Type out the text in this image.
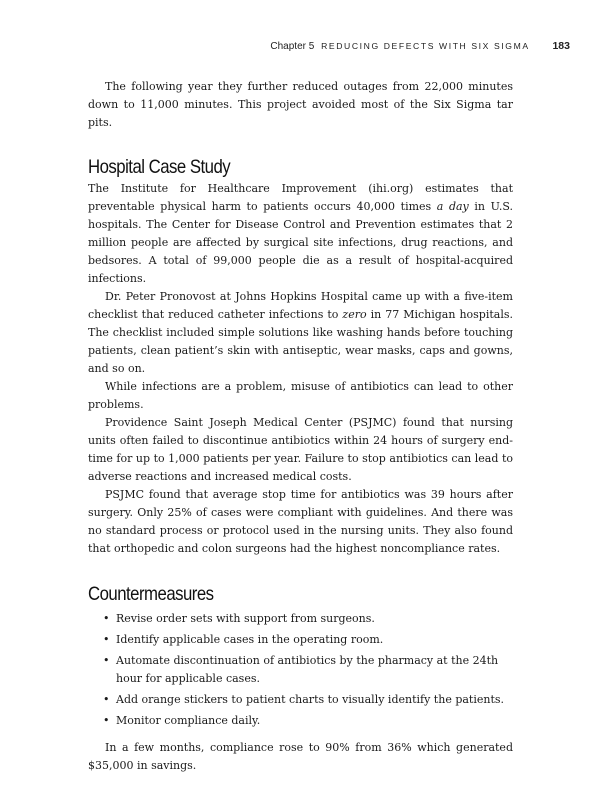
Chapter 5 REDUCING DEFECTS WITH SIX SIGMA 183

The following year they further reduced outages from 22,000 minutes down to 11,000 minutes. This project avoided most of the Six Sigma tar pits.

Hospital Case Study

The Institute for Healthcare Improvement (ihi.org) estimates that preventable physical harm to patients occurs 40,000 times a day in U.S. hospitals. The Center for Disease Control and Prevention estimates that 2 million people are affected by surgical site infections, drug reactions, and bedsores. A total of 99,000 people die as a result of hospital-acquired infections.

Dr. Peter Pronovost at Johns Hopkins Hospital came up with a five-item checklist that reduced catheter infections to zero in 77 Michigan hospitals. The checklist included simple solutions like washing hands before touching patients, clean patient’s skin with antiseptic, wear masks, caps and gowns, and so on.

While infections are a problem, misuse of antibiotics can lead to other problems.

Providence Saint Joseph Medical Center (PSJMC) found that nursing units often failed to discontinue antibiotics within 24 hours of surgery end-time for up to 1,000 patients per year. Failure to stop antibiotics can lead to adverse reactions and increased medical costs.

PSJMC found that average stop time for antibiotics was 39 hours after surgery. Only 25% of cases were compliant with guidelines. And there was no standard process or protocol used in the nursing units. They also found that orthopedic and colon surgeons had the highest noncompliance rates.

Countermeasures
• Revise order sets with support from surgeons.
• Identify applicable cases in the operating room.
• Automate discontinuation of antibiotics by the pharmacy at the 24th hour for applicable cases.
• Add orange stickers to patient charts to visually identify the patients.
• Monitor compliance daily.

In a few months, compliance rose to 90% from 36% which generated $35,000 in savings.
